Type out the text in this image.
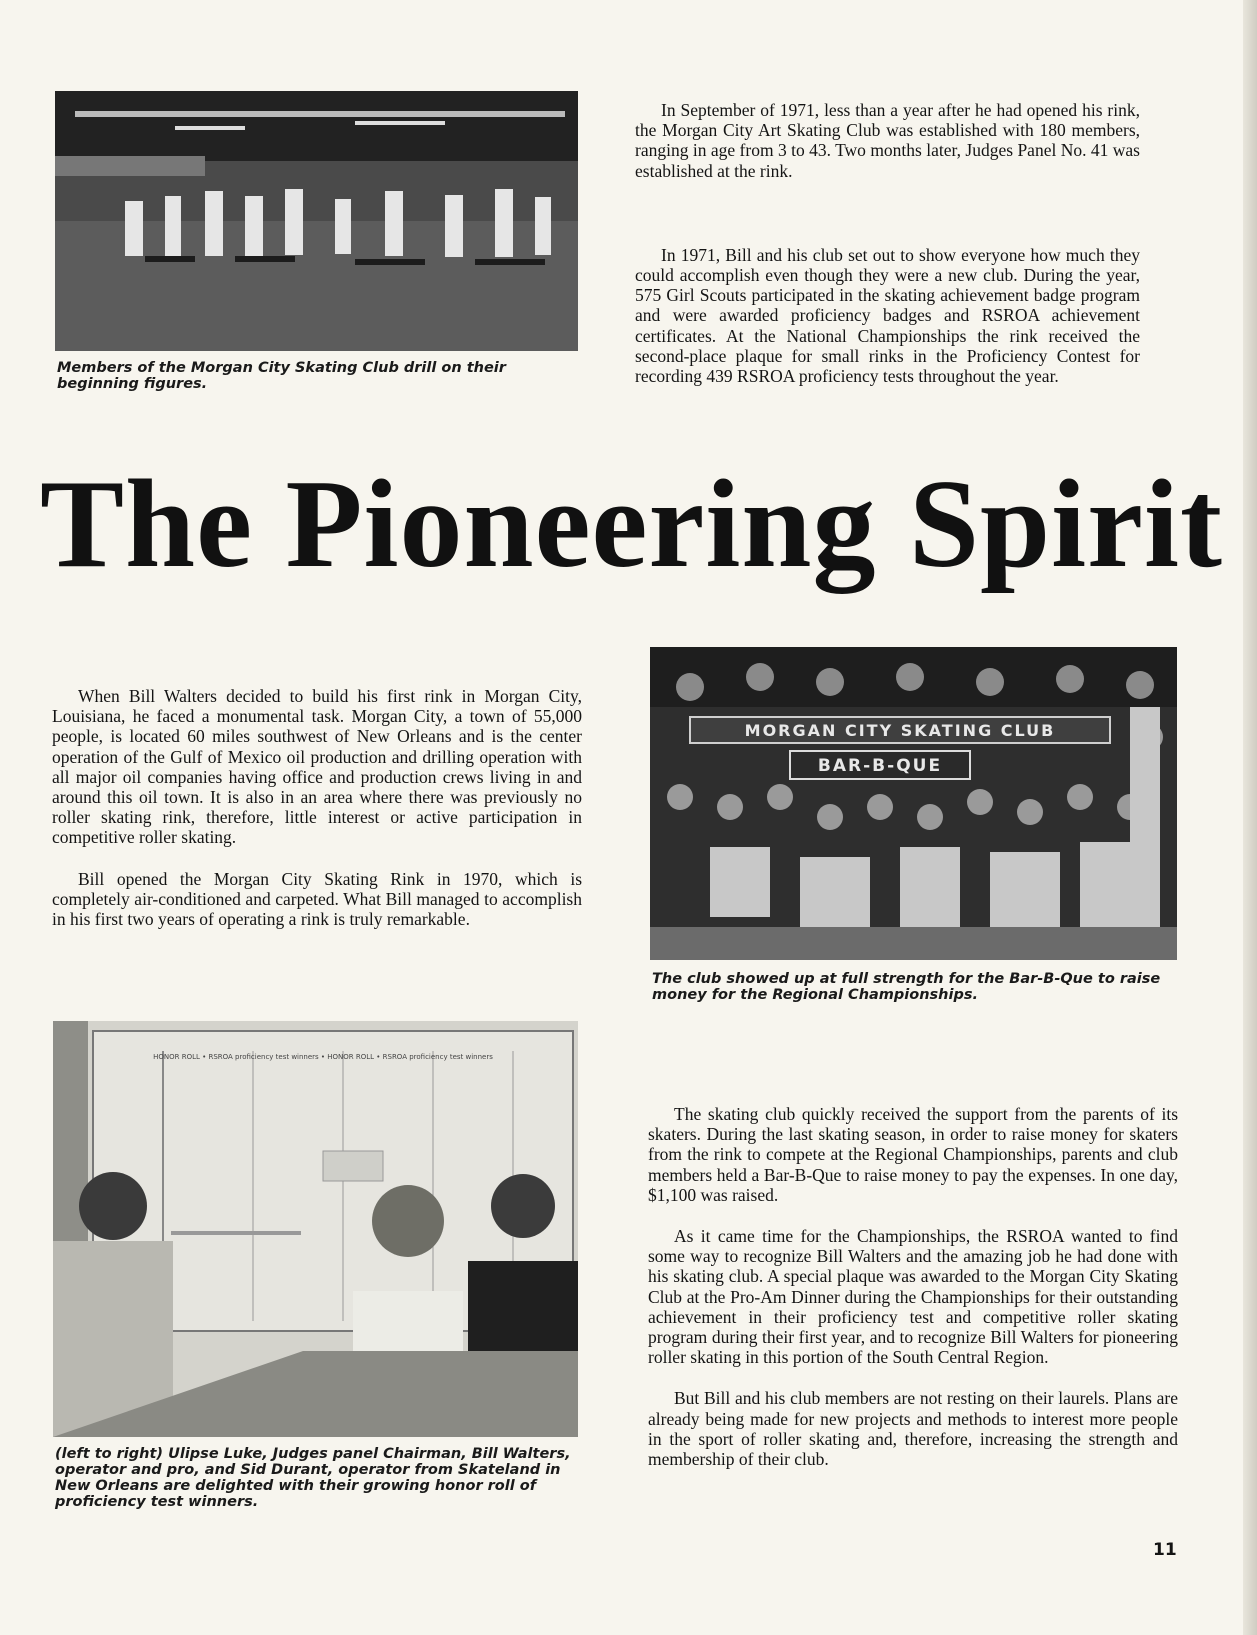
Members of the Morgan City Skating Club drill on their beginning figures.

In September of 1971, less than a year after he had opened his rink, the Morgan City Art Skating Club was established with 180 members, ranging in age from 3 to 43. Two months later, Judges Panel No. 41 was established at the rink.

In 1971, Bill and his club set out to show everyone how much they could accomplish even though they were a new club. During the year, 575 Girl Scouts participated in the skating achievement badge program and were awarded proficiency badges and RSROA achievement certificates. At the National Championships the rink received the second-place plaque for small rinks in the Proficiency Contest for recording 439 RSROA proficiency tests throughout the year.

The Pioneering Spirit

When Bill Walters decided to build his first rink in Morgan City, Louisiana, he faced a monumental task. Morgan City, a town of 55,000 people, is located 60 miles southwest of New Orleans and is the center operation of the Gulf of Mexico oil production and drilling operation with all major oil companies having office and production crews living in and around this oil town. It is also in an area where there was previously no roller skating rink, therefore, little interest or active participation in competitive roller skating.

Bill opened the Morgan City Skating Rink in 1970, which is completely air-conditioned and carpeted. What Bill managed to accomplish in his first two years of operating a rink is truly remarkable.

MORGAN CITY SKATING CLUB
BAR-B-QUE

The club showed up at full strength for the Bar-B-Que to raise money for the Regional Championships.

HONOR ROLL • RSROA proficiency test winners • HONOR ROLL • RSROA proficiency test winners

(left to right) Ulipse Luke, Judges panel Chairman, Bill Walters, operator and pro, and Sid Durant, operator from Skateland in New Orleans are delighted with their growing honor roll of proficiency test winners.

The skating club quickly received the support from the parents of its skaters. During the last skating season, in order to raise money for skaters from the rink to compete at the Regional Championships, parents and club members held a Bar-B-Que to raise money to pay the expenses. In one day, $1,100 was raised.

As it came time for the Championships, the RSROA wanted to find some way to recognize Bill Walters and the amazing job he had done with his skating club. A special plaque was awarded to the Morgan City Skating Club at the Pro-Am Dinner during the Championships for their outstanding achievement in their proficiency test and competitive roller skating program during their first year, and to recognize Bill Walters for pioneering roller skating in this portion of the South Central Region.

But Bill and his club members are not resting on their laurels. Plans are already being made for new projects and methods to interest more people in the sport of roller skating and, therefore, increasing the strength and membership of their club.

11
